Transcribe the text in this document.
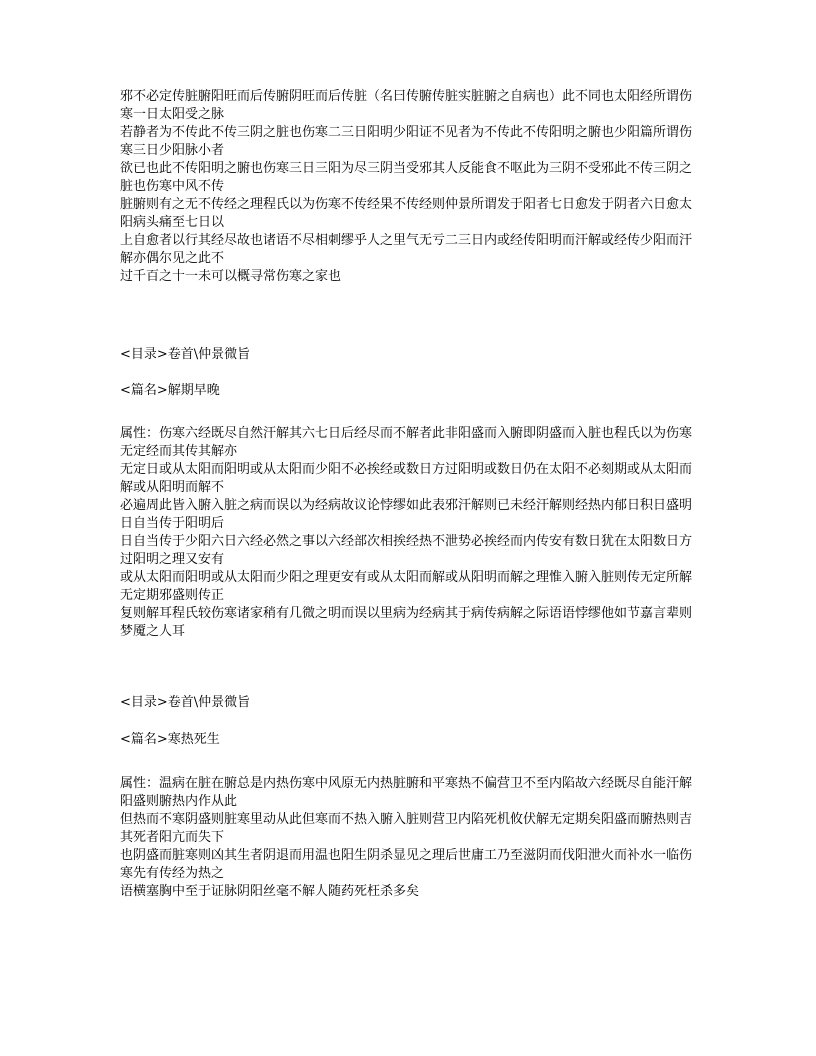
邪不必定传脏腑阳旺而后传腑阴旺而后传脏（名曰传腑传脏实脏腑之自病也）此不同也太阳经所谓伤寒一日太阳受之脉

若静者为不传此不传三阴之脏也伤寒二三日阳明少阳证不见者为不传此不传阳明之腑也少阳篇所谓伤寒三日少阳脉小者

欲已也此不传阳明之腑也伤寒三日三阳为尽三阴当受邪其人反能食不呕此为三阴不受邪此不传三阴之脏也伤寒中风不传

脏腑则有之无不传经之理程氏以为伤寒不传经果不传经则仲景所谓发于阳者七日愈发于阴者六日愈太阳病头痛至七日以

上自愈者以行其经尽故也诸语不尽相刺缪乎人之里气无亏二三日内或经传阳明而汗解或经传少阳而汗解亦偶尔见之此不

过千百之十一未可以概寻常伤寒之家也

<目录>卷首\仲景微旨

<篇名>解期早晚

属性：伤寒六经既尽自然汗解其六七日后经尽而不解者此非阳盛而入腑即阴盛而入脏也程氏以为伤寒无定经而其传其解亦

无定日或从太阳而阳明或从太阳而少阳不必挨经或数日方过阳明或数日仍在太阳不必刻期或从太阳而解或从阳明而解不

必遍周此皆入腑入脏之病而误以为经病故议论悖缪如此表邪汗解则已未经汗解则经热内郁日积日盛明日自当传于阳明后

日自当传于少阳六日六经必然之事以六经部次相挨经热不泄势必挨经而内传安有数日犹在太阳数日方过阳明之理又安有

或从太阳而阳明或从太阳而少阳之理更安有或从太阳而解或从阳明而解之理惟入腑入脏则传无定所解无定期邪盛则传正

复则解耳程氏较伤寒诸家稍有几微之明而误以里病为经病其于病传病解之际语语悖缪他如节嘉言辈则梦魇之人耳

<目录>卷首\仲景微旨

<篇名>寒热死生

属性：温病在脏在腑总是内热伤寒中风原无内热脏腑和平寒热不偏营卫不至内陷故六经既尽自能汗解阳盛则腑热内作从此

但热而不寒阴盛则脏寒里动从此但寒而不热入腑入脏则营卫内陷死机攸伏解无定期矣阳盛而腑热则吉其死者阳亢而失下

也阴盛而脏寒则凶其生者阴退而用温也阳生阴杀显见之理后世庸工乃至滋阴而伐阳泄火而补水一临伤寒先有传经为热之

语横塞胸中至于证脉阴阳丝毫不解人随药死枉杀多矣
